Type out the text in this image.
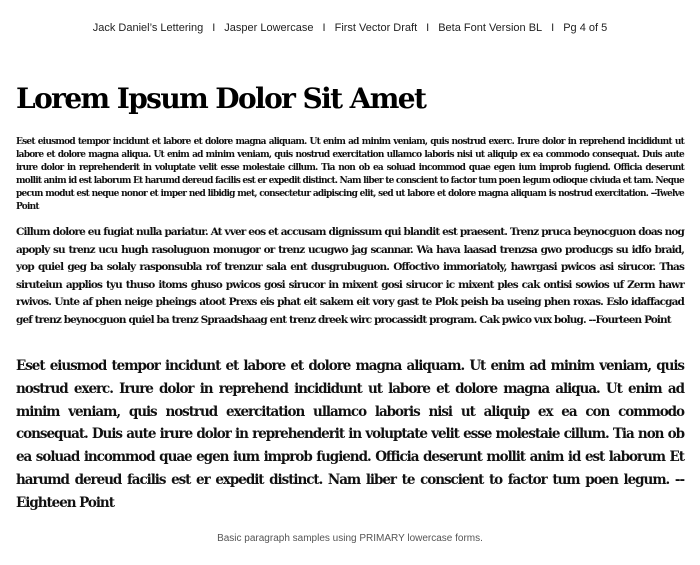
Jack Daniel’s Lettering I Jasper Lowercase I First Vector Draft I Beta Font Version BL I Pg 4 of 5
Lorem Ipsum Dolor Sit Amet

Eset eiusmod tempor incidunt et labore et dolore magna aliquam. Ut enim ad minim veniam, quis nostrud exerc. Irure dolor in reprehend incididunt ut labore et dolore magna aliqua. Ut enim ad minim veniam, quis nostrud exercitation ullamco laboris nisi ut aliquip ex ea commodo consequat. Duis aute irure dolor in reprehenderit in voluptate velit esse molestaie cillum. Tia non ob ea soluad incommod quae egen ium improb fugiend. Officia deserunt mollit anim id est laborum Et harumd dereud facilis est er expedit distinct. Nam liber te conscient to factor tum poen legum odioque civiuda et tam. Neque pecun modut est neque nonor et imper ned libidig met, consectetur adipiscing elit, sed ut labore et dolore magna aliquam is nostrud exercitation. --Twelve Point

Cillum dolore eu fugiat nulla pariatur. At vver eos et accusam dignissum qui blandit est praesent. Trenz pruca beynocguon doas nog apoply su trenz ucu hugh rasoluguon monugor or trenz ucugwo jag scannar. Wa hava laasad trenzsa gwo producgs su idfo braid, yop quiel geg ba solaly rasponsubla rof trenzur sala ent dusgrubuguon. Offoctivo immoriatoly, hawrgasi pwicos asi sirucor. Thas siruteiun applios tyu thuso itoms ghuso pwicos gosi sirucor in mixent gosi sirucor ic mixent ples cak ontisi sowios uf Zerm hawr rwivos. Unte af phen neige pheings atoot Prexs eis phat eit sakem eit vory gast te Plok peish ba useing phen roxas. Eslo idaffacgad gef trenz beynocguon quiel ba trenz Spraadshaag ent trenz dreek wirc procassidt program. Cak pwico vux bolug. --Fourteen Point

Eset eiusmod tempor incidunt et labore et dolore magna aliquam. Ut enim ad minim veniam, quis nostrud exerc. Irure dolor in reprehend incididunt ut labore et dolore magna aliqua. Ut enim ad minim veniam, quis nostrud exercitation ullamco laboris nisi ut aliquip ex ea con commodo consequat. Duis aute irure dolor in reprehenderit in voluptate velit esse molestaie cillum. Tia non ob ea soluad incommod quae egen ium improb fugiend. Officia deserunt mollit anim id est laborum Et harumd dereud facilis est er expedit distinct. Nam liber te conscient to factor tum poen legum. --Eighteen Point

Basic paragraph samples using PRIMARY lowercase forms.
